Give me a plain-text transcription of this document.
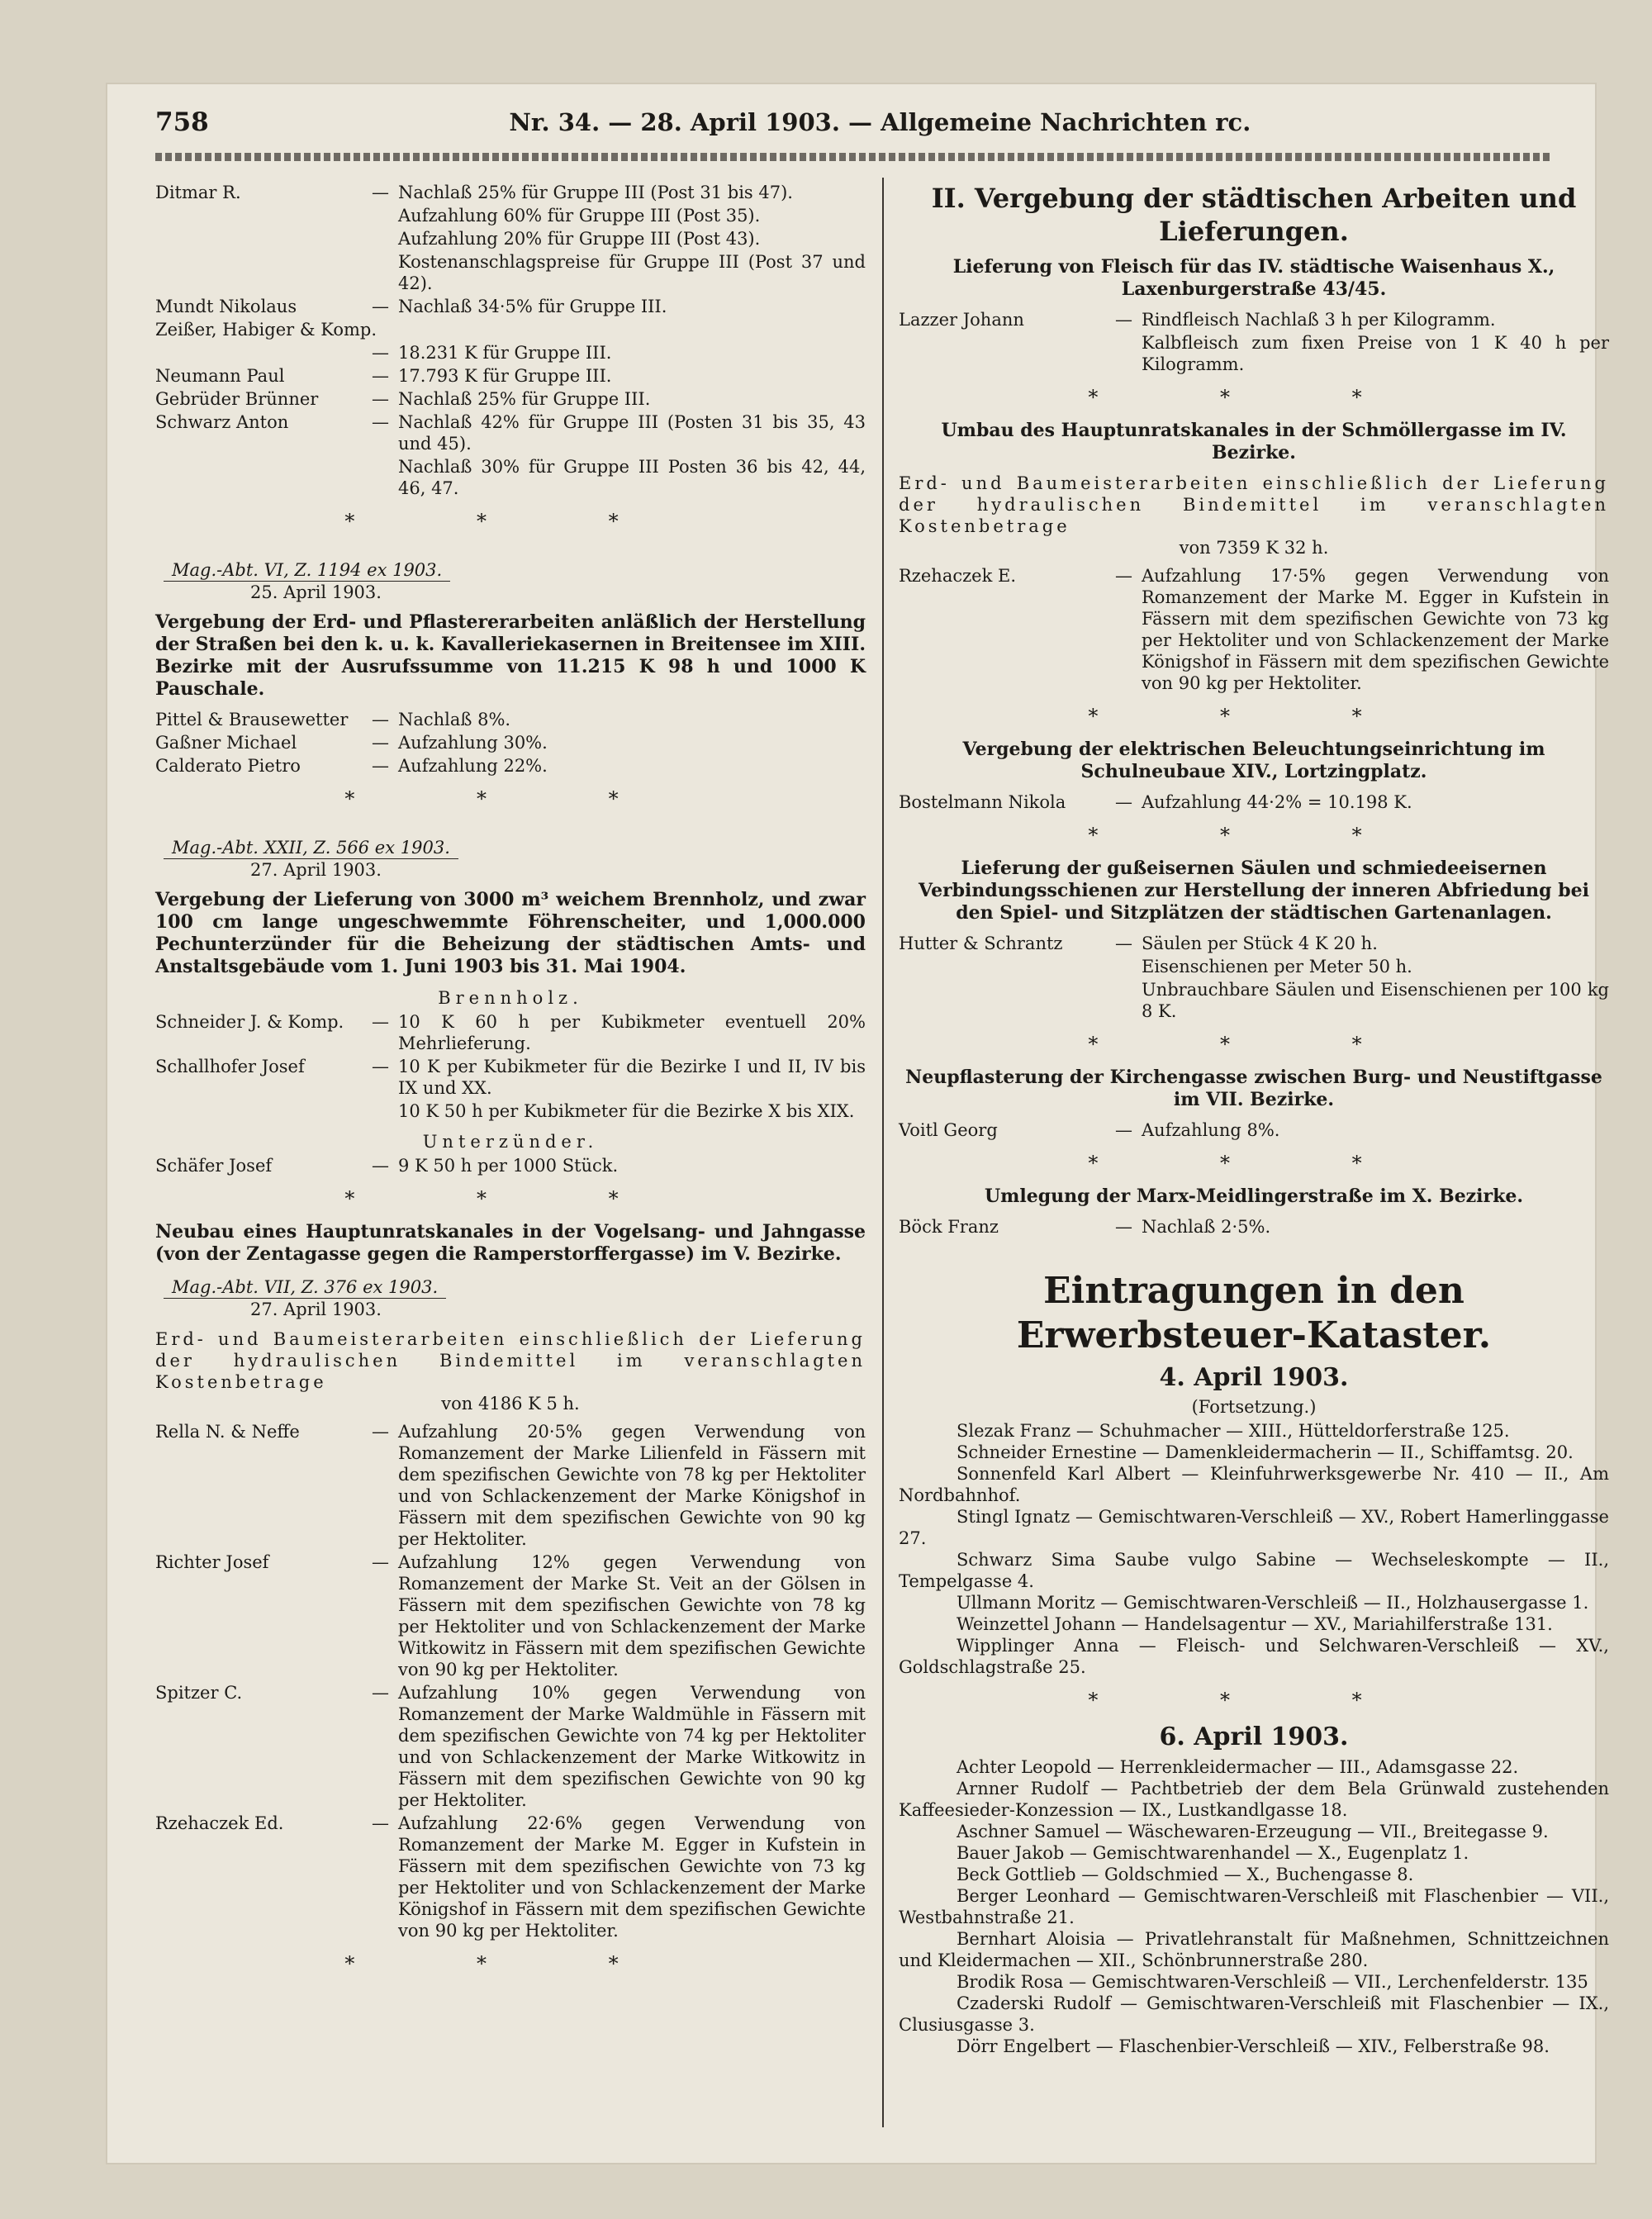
758	Nr. 34. — 28. April 1903. — Allgemeine Nachrichten rc.
Ditmar R.	— Nachlaß 25% für Gruppe III (Post 31 bis 47).
Aufzahlung 60% für Gruppe III (Post 35).
Aufzahlung 20% für Gruppe III (Post 43).
Kostenanschlagspreise für Gruppe III (Post 37 und 42).
Mundt Nikolaus	— Nachlaß 34·5% für Gruppe III.
Zeißer, Habiger & Komp.
— 18.231 K für Gruppe III.
Neumann Paul	— 17.793 K für Gruppe III.
Gebrüder Brünner	— Nachlaß 25% für Gruppe III.
Schwarz Anton	— Nachlaß 42% für Gruppe III (Posten 31 bis 35, 43 und 45).
Nachlaß 30% für Gruppe III Posten 36 bis 42, 44, 46, 47.
* * *
Mag.-Abt. VI, Z. 1194 ex 1903.
25. April 1903.
Vergebung der Erd- und Pflastererarbeiten anläßlich der Herstellung der Straßen bei den k. u. k. Kavalleriekasernen in Breitensee im XIII. Bezirke mit der Ausrufssumme von 11.215 K 98 h und 1000 K Pauschale.
Pittel & Brausewetter	— Nachlaß 8%.
Gaßner Michael	— Aufzahlung 30%.
Calderato Pietro	— Aufzahlung 22%.
* * *
Mag.-Abt. XXII, Z. 566 ex 1903.
27. April 1903.
Vergebung der Lieferung von 3000 m³ weichem Brennholz, und zwar 100 cm lange ungeschwemmte Föhrenscheiter, und 1,000.000 Pechunterzünder für die Beheizung der städtischen Amts- und Anstaltsgebäude vom 1. Juni 1903 bis 31. Mai 1904.
Brennholz.
Schneider J. & Komp.	— 10 K 60 h per Kubikmeter eventuell 20% Mehrlieferung.
Schallhofer Josef	— 10 K per Kubikmeter für die Bezirke I und II, IV bis IX und XX.
10 K 50 h per Kubikmeter für die Bezirke X bis XIX.
Unterzünder.
Schäfer Josef	— 9 K 50 h per 1000 Stück.
* * *
Neubau eines Hauptunratskanales in der Vogelsang- und Jahngasse (von der Zentagasse gegen die Ramperstorffergasse) im V. Bezirke.
Mag.-Abt. VII, Z. 376 ex 1903.
27. April 1903.
Erd- und Baumeisterarbeiten einschließlich der Lieferung der hydraulischen Bindemittel im veranschlagten Kostenbetrage
von 4186 K 5 h.
Rella N. & Neffe	— Aufzahlung 20·5% gegen Verwendung von Romanzement der Marke Lilienfeld in Fässern mit dem spezifischen Gewichte von 78 kg per Hektoliter und von Schlackenzement der Marke Königshof in Fässern mit dem spezifischen Gewichte von 90 kg per Hektoliter.
Richter Josef	— Aufzahlung 12% gegen Verwendung von Romanzement der Marke St. Veit an der Gölsen in Fässern mit dem spezifischen Gewichte von 78 kg per Hektoliter und von Schlackenzement der Marke Witkowitz in Fässern mit dem spezifischen Gewichte von 90 kg per Hektoliter.
Spitzer C.	— Aufzahlung 10% gegen Verwendung von Romanzement der Marke Waldmühle in Fässern mit dem spezifischen Gewichte von 74 kg per Hektoliter und von Schlackenzement der Marke Witkowitz in Fässern mit dem spezifischen Gewichte von 90 kg per Hektoliter.
Rzehaczek Ed.	— Aufzahlung 22·6% gegen Verwendung von Romanzement der Marke M. Egger in Kufstein in Fässern mit dem spezifischen Gewichte von 73 kg per Hektoliter und von Schlackenzement der Marke Königshof in Fässern mit dem spezifischen Gewichte von 90 kg per Hektoliter.
* * *
II. Vergebung der städtischen Arbeiten und Lieferungen.
Lieferung von Fleisch für das IV. städtische Waisenhaus X., Laxenburgerstraße 43/45.
Lazzer Johann	— Rindfleisch Nachlaß 3 h per Kilogramm.
Kalbfleisch zum fixen Preise von 1 K 40 h per Kilogramm.
* * *
Umbau des Hauptunratskanales in der Schmöllergasse im IV. Bezirke.
Erd- und Baumeisterarbeiten einschließlich der Lieferung der hydraulischen Bindemittel im veranschlagten Kostenbetrage
von 7359 K 32 h.
Rzehaczek E.	— Aufzahlung 17·5% gegen Verwendung von Romanzement der Marke M. Egger in Kufstein in Fässern mit dem spezifischen Gewichte von 73 kg per Hektoliter und von Schlackenzement der Marke Königshof in Fässern mit dem spezifischen Gewichte von 90 kg per Hektoliter.
* * *
Vergebung der elektrischen Beleuchtungseinrichtung im Schulneubaue XIV., Lortzingplatz.
Bostelmann Nikola	— Aufzahlung 44·2% = 10.198 K.
* * *
Lieferung der gußeisernen Säulen und schmiedeeisernen Verbindungsschienen zur Herstellung der inneren Abfriedung bei den Spiel- und Sitzplätzen der städtischen Gartenanlagen.
Hutter & Schrantz	— Säulen per Stück 4 K 20 h.
Eisenschienen per Meter 50 h.
Unbrauchbare Säulen und Eisenschienen per 100 kg 8 K.
* * *
Neupflasterung der Kirchengasse zwischen Burg- und Neustiftgasse im VII. Bezirke.
Voitl Georg	— Aufzahlung 8%.
* * *
Umlegung der Marx-Meidlingerstraße im X. Bezirke.
Böck Franz	— Nachlaß 2·5%.
Eintragungen in den Erwerbsteuer-Kataster.
4. April 1903.
(Fortsetzung.)
Slezak Franz — Schuhmacher — XIII., Hütteldorferstraße 125.
Schneider Ernestine — Damenkleidermacherin — II., Schiffamtsg. 20.
Sonnenfeld Karl Albert — Kleinfuhrwerksgewerbe Nr. 410 — II., Am Nordbahnhof.
Stingl Ignatz — Gemischtwaren-Verschleiß — XV., Robert Hamerlinggasse 27.
Schwarz Sima Saube vulgo Sabine — Wechseleskompte — II., Tempelgasse 4.
Ullmann Moritz — Gemischtwaren-Verschleiß — II., Holzhausergasse 1.
Weinzettel Johann — Handelsagentur — XV., Mariahilferstraße 131.
Wipplinger Anna — Fleisch- und Selchwaren-Verschleiß — XV., Goldschlagstraße 25.
* * *
6. April 1903.
Achter Leopold — Herrenkleidermacher — III., Adamsgasse 22.
Arnner Rudolf — Pachtbetrieb der dem Bela Grünwald zustehenden Kaffeesieder-Konzession — IX., Lustkandlgasse 18.
Aschner Samuel — Wäschewaren-Erzeugung — VII., Breitegasse 9.
Bauer Jakob — Gemischtwarenhandel — X., Eugenplatz 1.
Beck Gottlieb — Goldschmied — X., Buchengasse 8.
Berger Leonhard — Gemischtwaren-Verschleiß mit Flaschenbier — VII., Westbahnstraße 21.
Bernhart Aloisia — Privatlehranstalt für Maßnehmen, Schnittzeichnen und Kleidermachen — XII., Schönbrunnerstraße 280.
Brodik Rosa — Gemischtwaren-Verschleiß — VII., Lerchenfelderstr. 135
Czaderski Rudolf — Gemischtwaren-Verschleiß mit Flaschenbier — IX., Clusiusgasse 3.
Dörr Engelbert — Flaschenbier-Verschleiß — XIV., Felberstraße 98.
